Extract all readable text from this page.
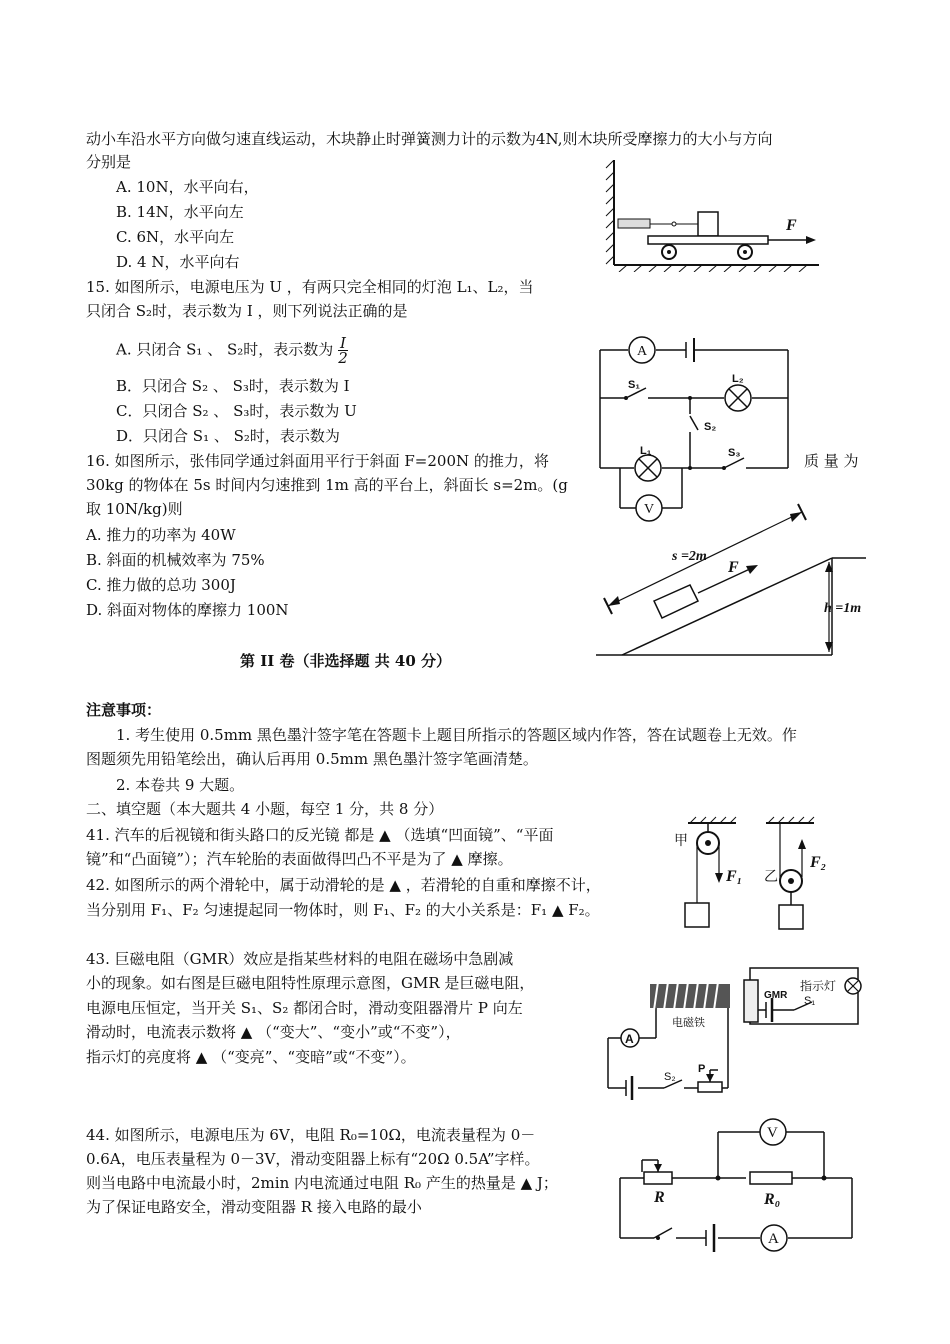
动小车沿水平方向做匀速直线运动，木块静止时弹簧测力计的示数为4N,则木块所受摩擦力的大小与方向
分别是
A. 10N，水平向右，
B. 14N，水平向左
C. 6N，水平向左
D. 4 N，水平向右
F
15. 如图所示，电源电压为 U ，有两只完全相同的灯泡 L₁、L₂，当
只闭合 S₂时，表示数为 I ，则下列说法正确的是
A. 只闭合 S₁ 、 S₂时，表示数为 $\frac{I}{2}$
B．只闭合 S₂ 、 S₃时，表示数为 I
C．只闭合 S₂ 、 S₃时，表示数为 U
D．只闭合 S₁ 、 S₂时，表示数为
A
V
S₁	L₂
S₂
L₁	S₃
16. 如图所示，张伟同学通过斜面用平行于斜面 F=200N 的推力，将	质 量 为
30kg 的物体在 5s 时间内匀速推到 1m 高的平台上，斜面长 s=2m。(g
取 10N/kg)则
A. 推力的功率为 40W
B. 斜面的机械效率为 75%
C. 推力做的总功 300J
D. 斜面对物体的摩擦力 100N
s =2m
F
h =1m
第 II 卷（非选择题 共 40 分）
注意事项：
1. 考生使用 0.5mm 黑色墨汁签字笔在答题卡上题目所指示的答题区域内作答，答在试题卷上无效。作
图题须先用铅笔绘出，确认后再用 0.5mm 黑色墨汁签字笔画清楚。
2. 本卷共 9 大题。
二、填空题（本大题共 4 小题，每空 1 分，共 8 分）
41. 汽车的后视镜和街头路口的反光镜 都是 ▲ （选填“凹面镜”、“平面
镜”和“凸面镜”）；汽车轮胎的表面做得凹凸不平是为了 ▲ 摩擦。
42. 如图所示的两个滑轮中，属于动滑轮的是 ▲ ，若滑轮的自重和摩擦不计，
当分别用 F₁、F₂ 匀速提起同一物体时，则 F₁、F₂ 的大小关系是：F₁ ▲ F₂。
甲
F₁ 乙
F₂
43. 巨磁电阻（GMR）效应是指某些材料的电阻在磁场中急剧减
小的现象。如右图是巨磁电阻特性原理示意图，GMR 是巨磁电阻，
电源电压恒定，当开关 S₁、S₂ 都闭合时，滑动变阻器滑片 P 向左
滑动时，电流表示数将 ▲ （“变大”、“变小”或“不变”），
指示灯的亮度将 ▲ （“变亮”、“变暗”或“不变”）。
A
指示灯
GMR S₁
电磁铁
S₂
P
44. 如图所示，电源电压为 6V，电阻 R₀=10Ω，电流表量程为 0－
0.6A，电压表量程为 0－3V，滑动变阻器上标有“20Ω 0.5A”字样。
则当电路中电流最小时，2min 内电流通过电阻 R₀ 产生的热量是 ▲ J；
为了保证电路安全，滑动变阻器 R 接入电路的最小
V
A
R	R₀
